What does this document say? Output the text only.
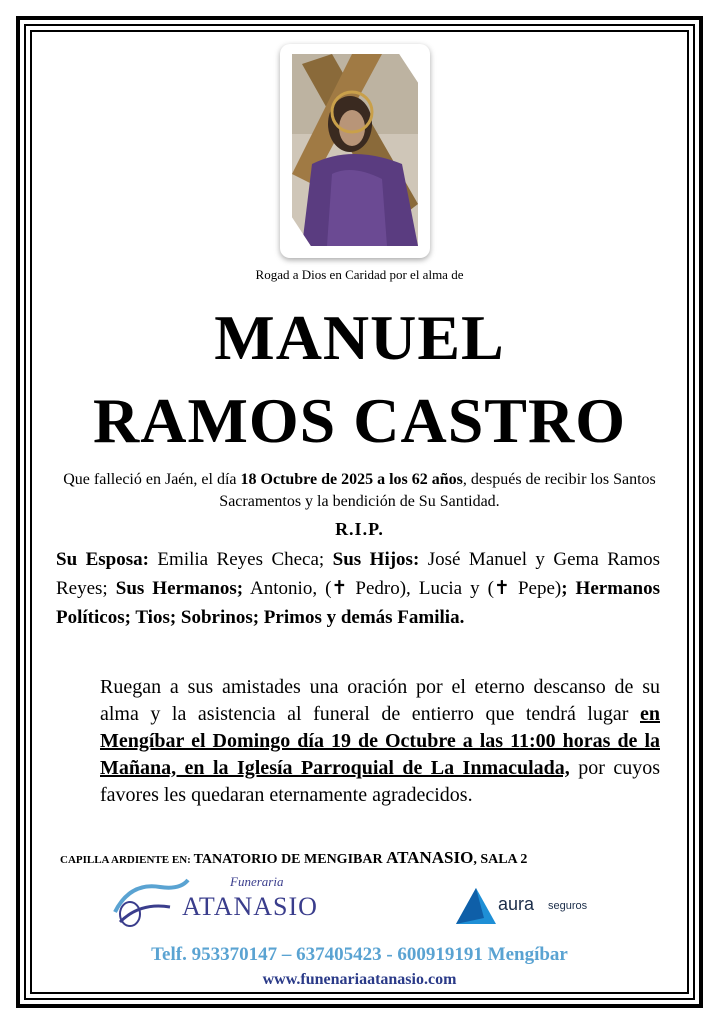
Rogad a Dios en Caridad por el alma de
MANUEL
RAMOS CASTRO
Que falleció en Jaén, el día 18 Octubre de 2025 a los 62 años, después de recibir los Santos Sacramentos y la bendición de Su Santidad.
R.I.P.
Su Esposa: Emilia Reyes Checa; Sus Hijos: José Manuel y Gema Ramos Reyes; Sus Hermanos; Antonio, (✝ Pedro), Lucia y (✝ Pepe); Hermanos Políticos; Tios; Sobrinos; Primos y demás Familia.
Ruegan a sus amistades una oración por el eterno descanso de su alma y la asistencia al funeral de entierro que tendrá lugar en Mengíbar el Domingo día 19 de Octubre a las 11:00 horas de la Mañana, en la Iglesía Parroquial de La Inmaculada, por cuyos favores les quedaran eternamente agradecidos.
CAPILLA ARDIENTE EN: TANATORIO DE MENGIBAR ATANASIO, SALA 2
Funeraria
ATANASIO	aura seguros
Telf. 953370147 – 637405423 - 600919191 Mengíbar
www.funenariaatanasio.com
